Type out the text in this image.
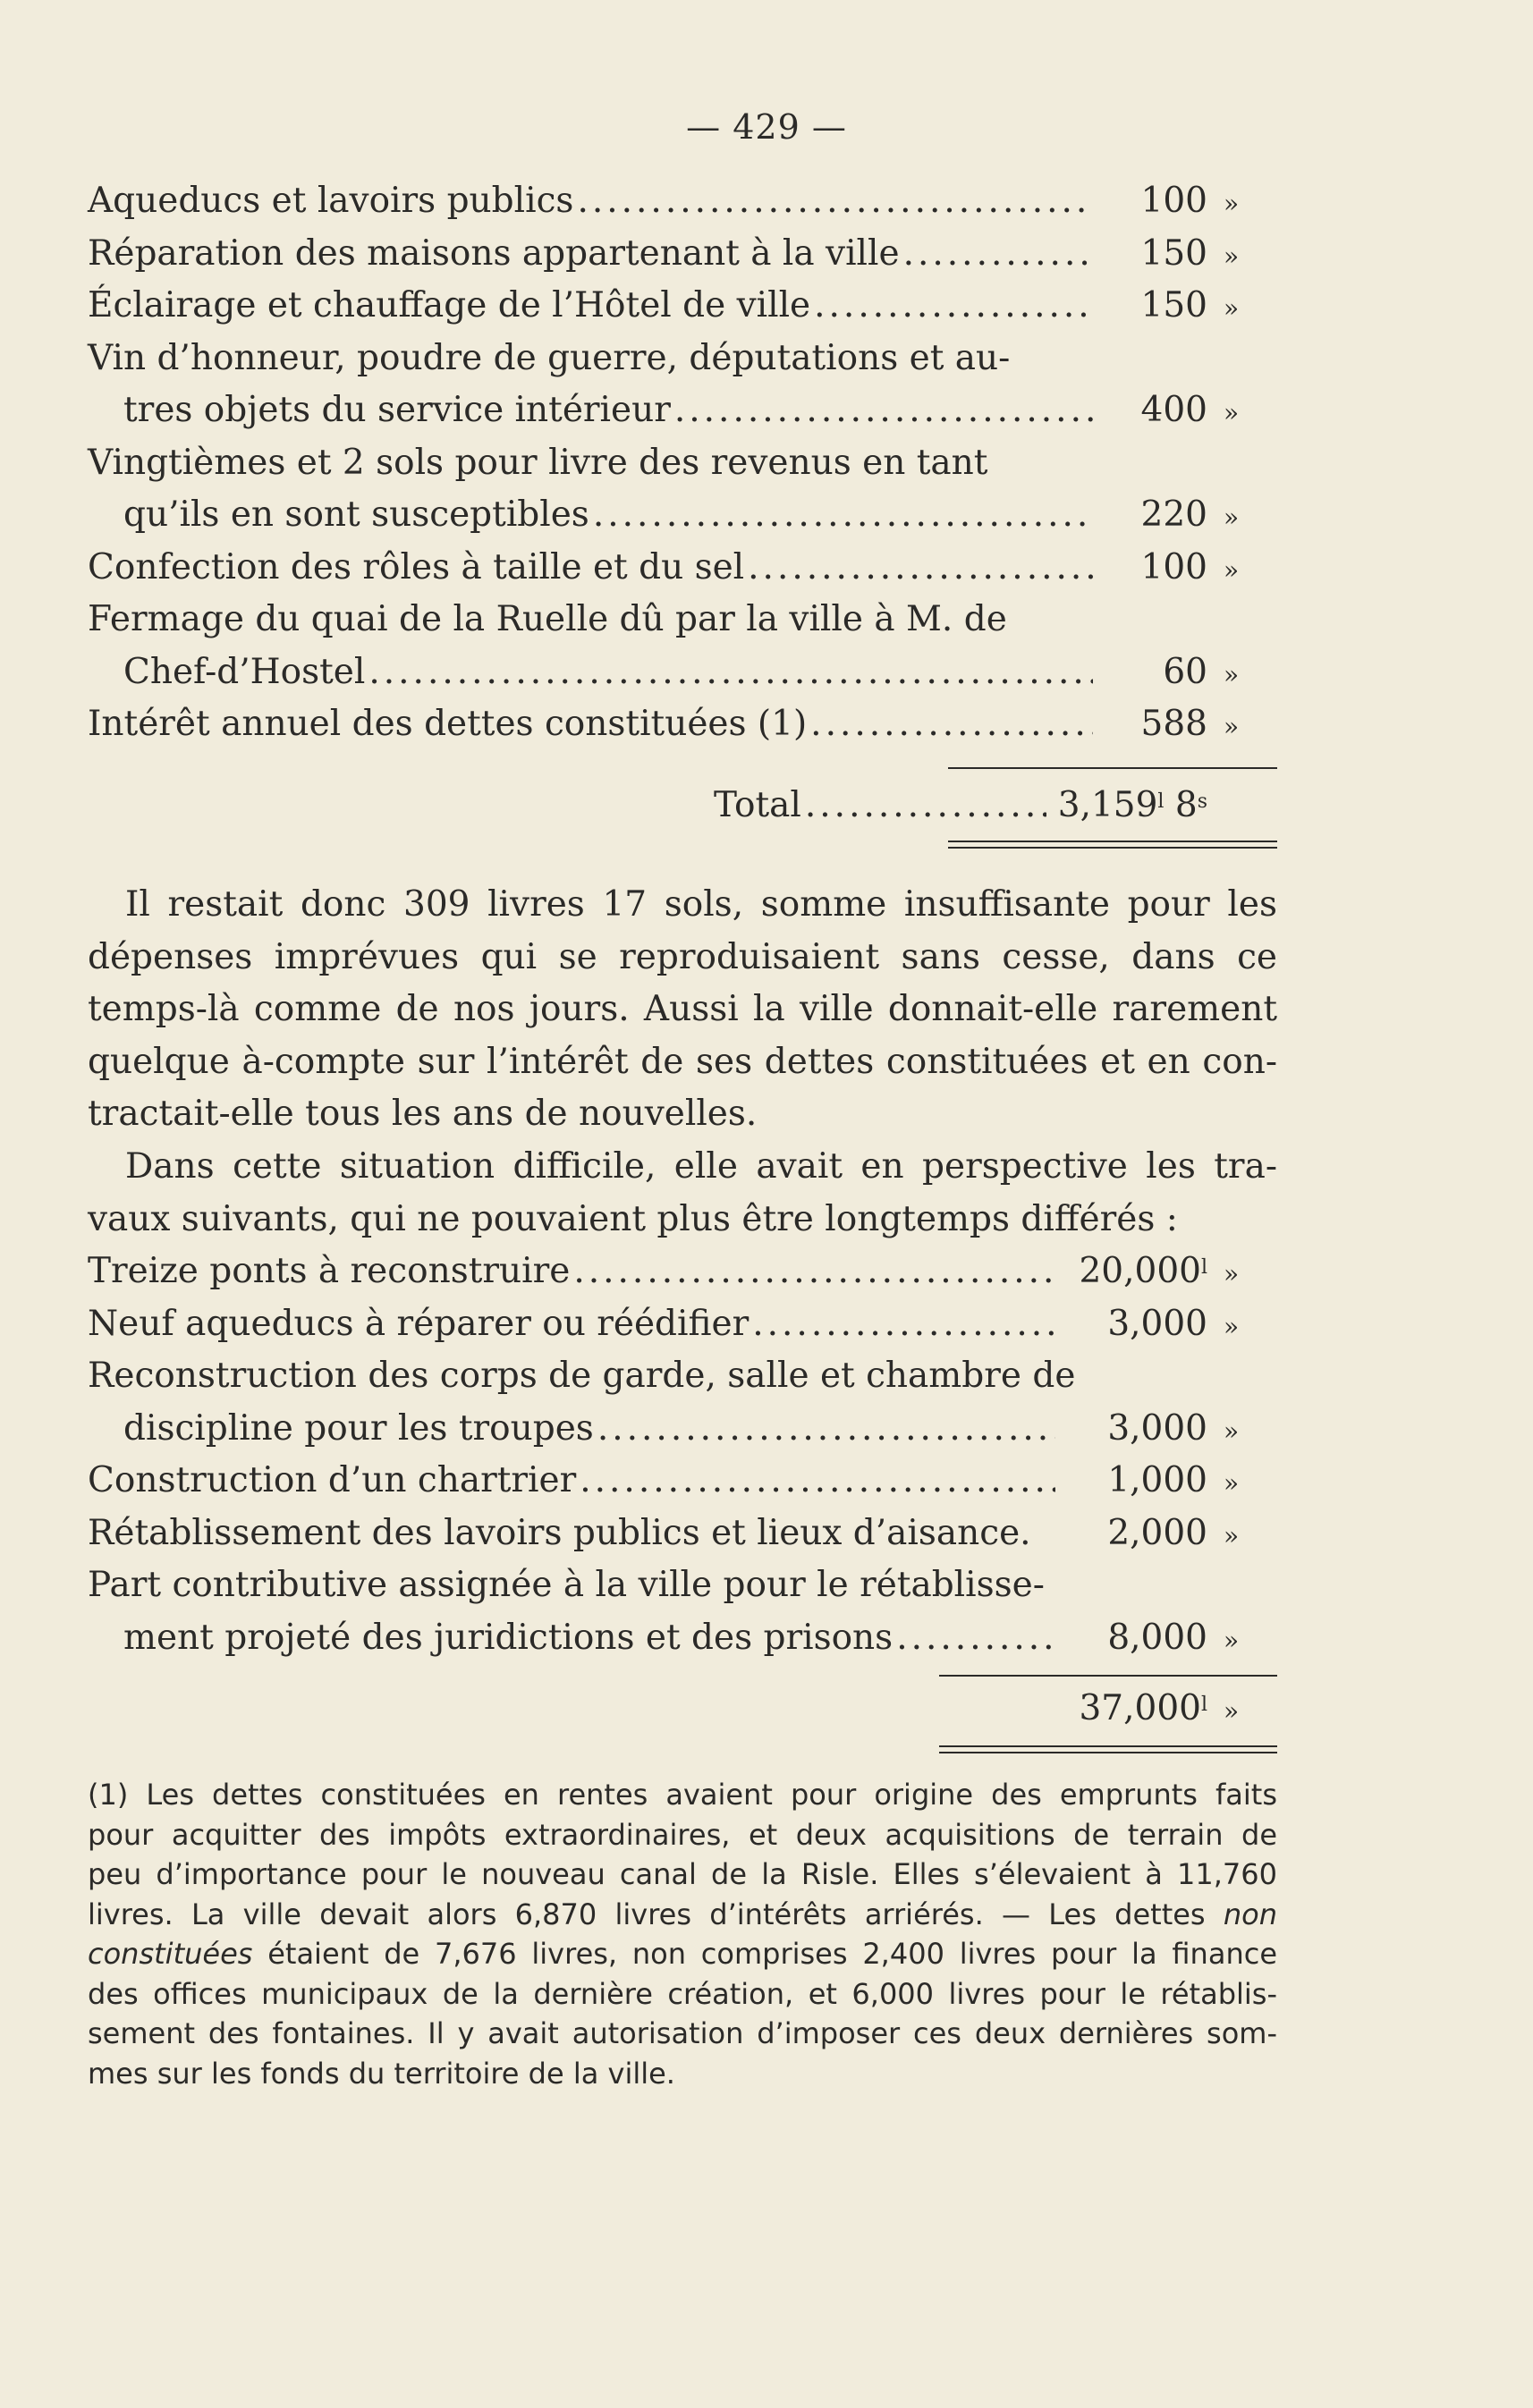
— 429 —
Aqueducs et lavoirs publics .....	100 »
Réparation des maisons appartenant à la ville .....	150 »
Éclairage et chauffage de l’Hôtel de ville .....	150 »
Vin d’honneur, poudre de guerre, députations et au-
tres objets du service intérieur .....	400 »
Vingtièmes et 2 sols pour livre des revenus en tant
qu’ils en sont susceptibles .....	220 »
Confection des rôles à taille et du sel .....	100 »
Fermage du quai de la Ruelle dû par la ville à M. de
Chef-d’Hostel .....	60 »
Intérêt annuel des dettes constituées (1) .....	588 »
Total .....	3,159$^l$ 8$^s$
Il restait donc 309 livres 17 sols, somme insuffisante pour les
dépenses imprévues qui se reproduisaient sans cesse, dans ce
temps-là comme de nos jours. Aussi la ville donnait-elle rarement
quelque à-compte sur l’intérêt de ses dettes constituées et en con-
tractait-elle tous les ans de nouvelles.
Dans cette situation difficile, elle avait en perspective les tra-
vaux suivants, qui ne pouvaient plus être longtemps différés :
Treize ponts à reconstruire .....	20,000$^l$ »
Neuf aqueducs à réparer ou réédifier .....	3,000 »
Reconstruction des corps de garde, salle et chambre de
discipline pour les troupes .....	3,000 »
Construction d’un chartrier .....	1,000 »
Rétablissement des lavoirs publics et lieux d’aisance.	2,000 »
Part contributive assignée à la ville pour le rétablisse-
ment projeté des juridictions et des prisons .....	8,000 »
37,000$^l$ »
(1) Les dettes constituées en rentes avaient pour origine des emprunts faits
pour acquitter des impôts extraordinaires, et deux acquisitions de terrain de
peu d’importance pour le nouveau canal de la Risle. Elles s’élevaient à 11,760
livres. La ville devait alors 6,870 livres d’intérêts arriérés. — Les dettes non
constituées étaient de 7,676 livres, non comprises 2,400 livres pour la finance
des offices municipaux de la dernière création, et 6,000 livres pour le rétablis-
sement des fontaines. Il y avait autorisation d’imposer ces deux dernières som-
mes sur les fonds du territoire de la ville.
